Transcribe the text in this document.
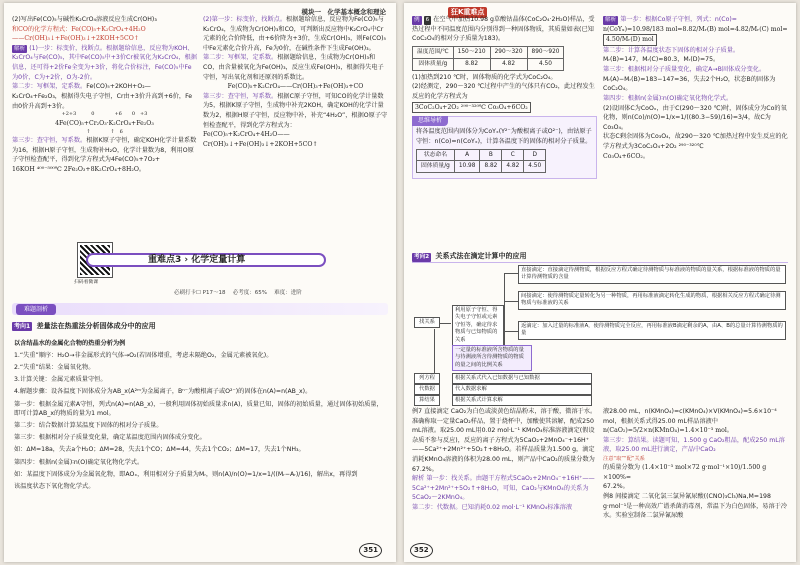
模块一　化学基本概念和理论

(2)写出Fe(CO)₅与碱性K₂CrO₄溶液反应生成Cr(OH)₃

和CO的化学方程式：Fe(CO)₅+K₂CrO₄+4H₂O

——Cr(OH)₃↓+Fe(OH)₃↓+2KOH+5CO↑

解析 (1)一步：标变价，找断点。根据题给信息，反应物为KOH、K₂CrO₄与Fe(CO)₅，其中Fe(CO)₅中+3价Cr被氧化为K₂CrO₄，根据信息，还可得+2价Fe全变为+3价，将化合价标注，Fe(CO)₅中Fe为0价，C为+2价，O为-2价。

第二步：写框架，定系数。Fe(CO)₅+2KOH+O₂—K₂CrO₄+Fe₂O₃，根据得失电子守恒，Cr由+3价升高到+6价，Fe由0价升高到+3价。

+2+3　　　0　　　　+6　　0　+3

4Fe(CO)₅+Cr₂O₃·K₂CrO₄+Fe₂O₃

↑　　　　↑　6

第三步：查守恒，写系数。根据K原子守恒，确定KOH化学计量系数为16，根据H原子守恒，生成物补H₂O，化学计量数为8，利用O原子守恒检查配平，得到化学方程式为4Fe(CO)₅+7O₂+

16KOH ⁴⁰⁰⁻⁵⁰⁰℃ 2Fe₂O₃+8K₂CrO₄+8H₂O。

(2)第一步：标变价，找断点。根据题给信息，反应物为Fe(CO)₅与K₂CrO₄，生成物为Cr(OH)₃和CO，可判断出反应物中K₂CrO₄中Cr元素的化合价降低，由+6价降为+3价，生成Cr(OH)₃，则Fe(CO)₅中Fe元素化合价升高，Fe为0价，在碱性条件下生成Fe(OH)₃。

第二步：写框架，定系数。根据题给信息，生成物为Cr(OH)₃和CO，由含量被氧化为Fe(OH)₃，反应生成Fe(OH)₃，根据得失电子守恒，写出氧化剂和还原剂的系数比。

Fe(CO)₅+K₂CrO₄——Cr(OH)₃+Fe(OH)₃+CO

第三步：查守恒，写系数。根据C原子守恒，可知CO的化学计量数为5，根据K原子守恒，生成物中补充2KOH，确定KOH的化学计量数为2，根据H原子守恒，反应物中补，补充“4H₂O”，根据O原子守恒检查配平，得到化学方程式为：

Fe(CO)₅+K₂CrO₄+4H₂O——Cr(OH)₃↓+Fe(OH)₃↓+2KOH+5CO↑

重难点3 › 化学定量计算
扫码看微课
必刷打卡☐ P17～18　 必考度：65%　 难度：进阶
难题剖析
考向1 差量法在热重法分析固体成分中的应用

以含结晶水的金属化合物的热重分析为例

1.“失重”顺序：H₂O→非金属形式的气体→O₂(若固体增重，考虑未隔绝O₂，金属元素被氧化)。

2.“失重”结果：金属氧化物。

3.计算关键：金属元素质量守恒。

4.解题步骤：设各温度下固体成分为AB_x(A²ᵐ为金属离子，Bⁿ⁻为酸根离子或O²⁻)的固体在n(A)=n(AB_x)。

第一步：根据金属元素A守恒，列式n(A)=n(AB_x)，一般利用固体初始质量求n(A)，质量已知，固体的初始质量，通过固体初始质量，即可计算AB_x的物质的量为1 mol。

第二步：结合数据计算某温度下固体的相对分子质量。

第三步：根据相对分子质量变化量，确定某温度范围内固体成分变化。

如：ΔM=18a，失去a个H₂O；ΔM=28，失去1个CO；ΔM=44，失去1个CO₂；ΔM=17，失去1个NH₃。

第四步：根据n(金属)∶n(O)确定氧化物化学式。

如：某温度下固体成分为金属氧化物，即AOₓ，利用相对分子质量为Mᵣ，则n(A)/n(O)=1/x=1/((Mᵣ−Aᵣ)/16)，解出x，再得到

该温度状态下氧化物化学式。

351
狂K重难点

例 6 在空气中加热10.98 g草酸钴晶体(CoC₂O₄·2H₂O)样品，受热过程中不同温度范围内分别得到一种固体物质，其质量如表(已知CoC₂O₄的相对分子质量为183)。

温度范围/℃	150～210	290～320	890～920
固体质量/g	8.82	4.82	4.50

(1)加热到210 ℃时，固体物质的化学式为CoC₂O₄。

(2)经测定，290～320 ℃过程中产生的气体只有CO₂，此过程发生反应的化学方程式为

3CoC₂O₄+2O₂ ²⁹⁰⁻³²⁰℃ Co₃O₄+6CO₂

思维导析

将各温度范围内固体分为CoYₓ(Y²⁻为酸根离子或O²⁻)，由钴原子守恒：n(Co)=n(CoYₓ)，计算各温度下的固体的相对分子质量。

状态命名	A	B	C	D
固体质量/g	10.98	8.82	4.82	4.50

解析 第一步：根据Co原子守恒，列式：n(Co)=

n(CoYₓ)=10.98/183 mol=8.82/Mᵣ(B) mol=4.82/Mᵣ(C) mol=

4.50/Mᵣ(D) mol

第二步：计算各温度状态下固体的相对分子质量。

Mᵣ(B)=147，Mᵣ(C)≈80.3，Mᵣ(D)=75。

第三步：根据相对分子质量变化，确定A→B固体成分变化。

Mᵣ(A)−Mᵣ(B)=183−147=36，失去2个H₂O，状态B的固体为CoC₂O₄。

第四步：根据n(金属)∶n(O)确定氧化物化学式。

(2)设固体C为CoOₓ，由于C(290～320 ℃)时，固体成分为Co的氧化物，则n(Co)/n(O)=1/x=1/((80.3−59)/16)=3/4，故C为Co₃O₄。

状态C剩余固体为Co₃O₄，故290～320 ℃加热过程中发生反应的化学方程式为3CoC₂O₄+2O₂ ²⁹⁰⁻³²⁰℃

Co₃O₄+6CO₂。

考向2 关系式法在滴定计算中的应用
找关系
利用原子守恒、得失电子守恒或元素守恒等，确定待求物质与已知物质的关系
直接滴定：直接滴定待测物质，根据反应方程式确定待测物质与标准液的物质的量关系，根据标准液的物质的量计算待测物质的含量
间接滴定：使待测物质定量转化为另一种物质，再用标准液滴定转化生成的物质，根据相关反应方程式确定待测物质与标准液的关系
返滴定：加入过量的标准液A，使待测物质完全反应，再用标准液B滴定剩余的A，由A、B的总量计算待测物质的量
一定量的标准液所含物质的量与待测液所含待测物质的物质的量之间的比例关系
列方程	根据关系式代入已知数据与已知数据
代数据	代入数据求解
算结果	根据关系式计算求解

例7 直接滴定 CaO₂为白色或淡黄色结晶粉末，溶于酸，微溶于水。准确称取一定量CaO₂样品，置于烧杯中，加酸使其溶解，配成250 mL溶液。取25.00 mL用0.02 mol·L⁻¹ KMnO₄标准溶液滴定(假设杂质不参与反应)，反应的离子方程式为5CaO₂+2MnO₄⁻+16H⁺——5Ca²⁺+2Mn²⁺+5O₂↑+8H₂O。若样品质量为1.500 g，滴定消耗KMnO₄溶液的体积为28.00 mL，则产品中CaO₂的质量分数为67.2%。

解析 第一步：找关系。由题干方程式5CaO₂+2MnO₄⁻+16H⁺——5Ca²⁺+2Mn²⁺+5O₂↑+8H₂O，可知，CaO₂与KMnO₄的关系为5CaO₂～2KMnO₄。

第二步：代数据。已知消耗0.02 mol·L⁻¹ KMnO₄标准溶液

液28.00 mL，n(KMnO₄)=c(KMnO₄)×V(KMnO₄)=5.6×10⁻⁴ mol，根据关系式得25.00 mL样品溶液中

n(CaO₂)=5/2×n(KMnO₄)=1.4×10⁻³ mol。

第三步：算结果。读题可知，1.500 g CaO₂粗品，配成250 mL溶液，取25.00 mL进行滴定，产品中CaO₂

注意“取”“配”关系

的质量分数为 (1.4×10⁻³ mol×72 g·mol⁻¹×10)/1.500 g ×100%=

67.2%。

例8 间接滴定 二氧化氯三氯异氰尿酸((CNO)₃Cl₃)Na,M=198 g·mol⁻¹是一种高效广谱杀菌消毒剂，常温下为白色固体，易溶于冷水。实验室制备二氯异氰尿酸

352
